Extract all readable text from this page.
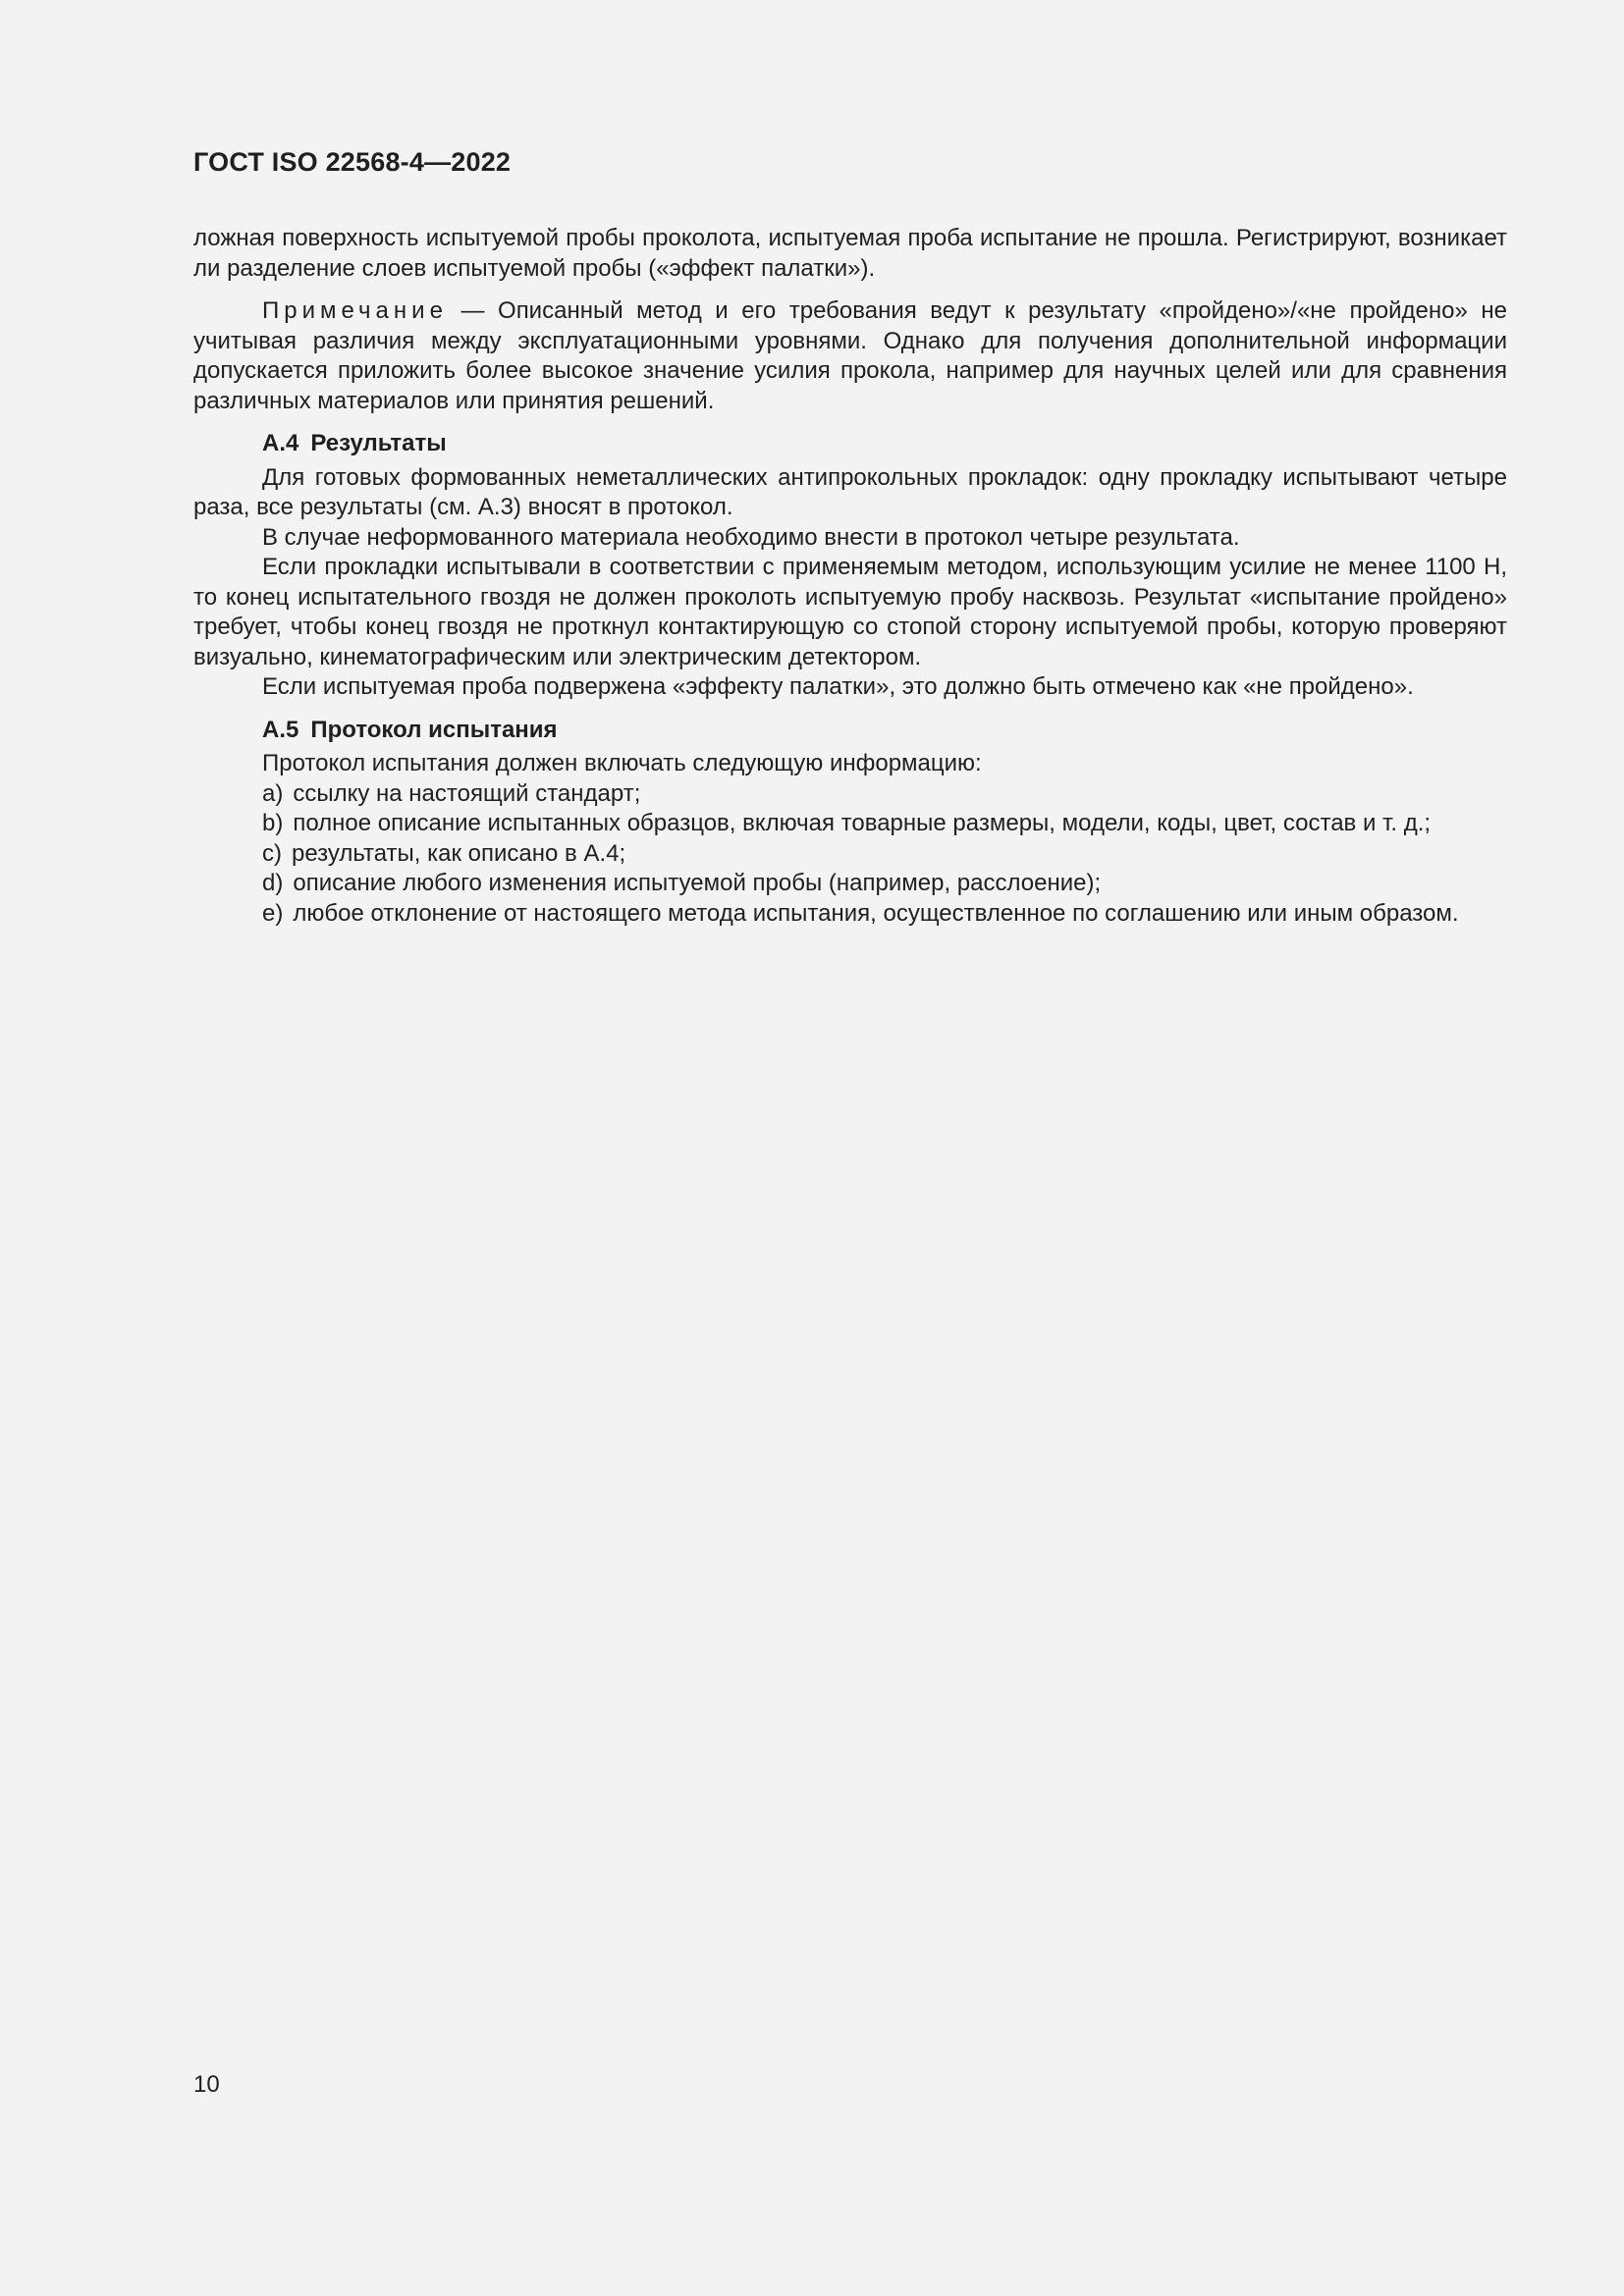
ГОСТ ISO 22568-4—2022

ложная поверхность испытуемой пробы проколота, испытуемая проба испытание не прошла. Регистрируют, возникает ли разделение слоев испытуемой пробы («эффект палатки»).

Примечание — Описанный метод и его требования ведут к результату «пройдено»/«не пройдено» не учитывая различия между эксплуатационными уровнями. Однако для получения дополнительной информации допускается приложить более высокое значение усилия прокола, например для научных целей или для сравнения различных материалов или принятия решений.

А.4 Результаты

Для готовых формованных неметаллических антипрокольных прокладок: одну прокладку испытывают четыре раза, все результаты (см. А.3) вносят в протокол.

В случае неформованного материала необходимо внести в протокол четыре результата.

Если прокладки испытывали в соответствии с применяемым методом, использующим усилие не менее 1100 Н, то конец испытательного гвоздя не должен проколоть испытуемую пробу насквозь. Результат «испытание пройдено» требует, чтобы конец гвоздя не проткнул контактирующую со стопой сторону испытуемой пробы, которую проверяют визуально, кинематографическим или электрическим детектором.

Если испытуемая проба подвержена «эффекту палатки», это должно быть отмечено как «не пройдено».

А.5 Протокол испытания

Протокол испытания должен включать следующую информацию:

а) ссылку на настоящий стандарт;

b) полное описание испытанных образцов, включая товарные размеры, модели, коды, цвет, состав и т. д.;

с) результаты, как описано в А.4;

d) описание любого изменения испытуемой пробы (например, расслоение);

е) любое отклонение от настоящего метода испытания, осуществленное по соглашению или иным образом.

10
